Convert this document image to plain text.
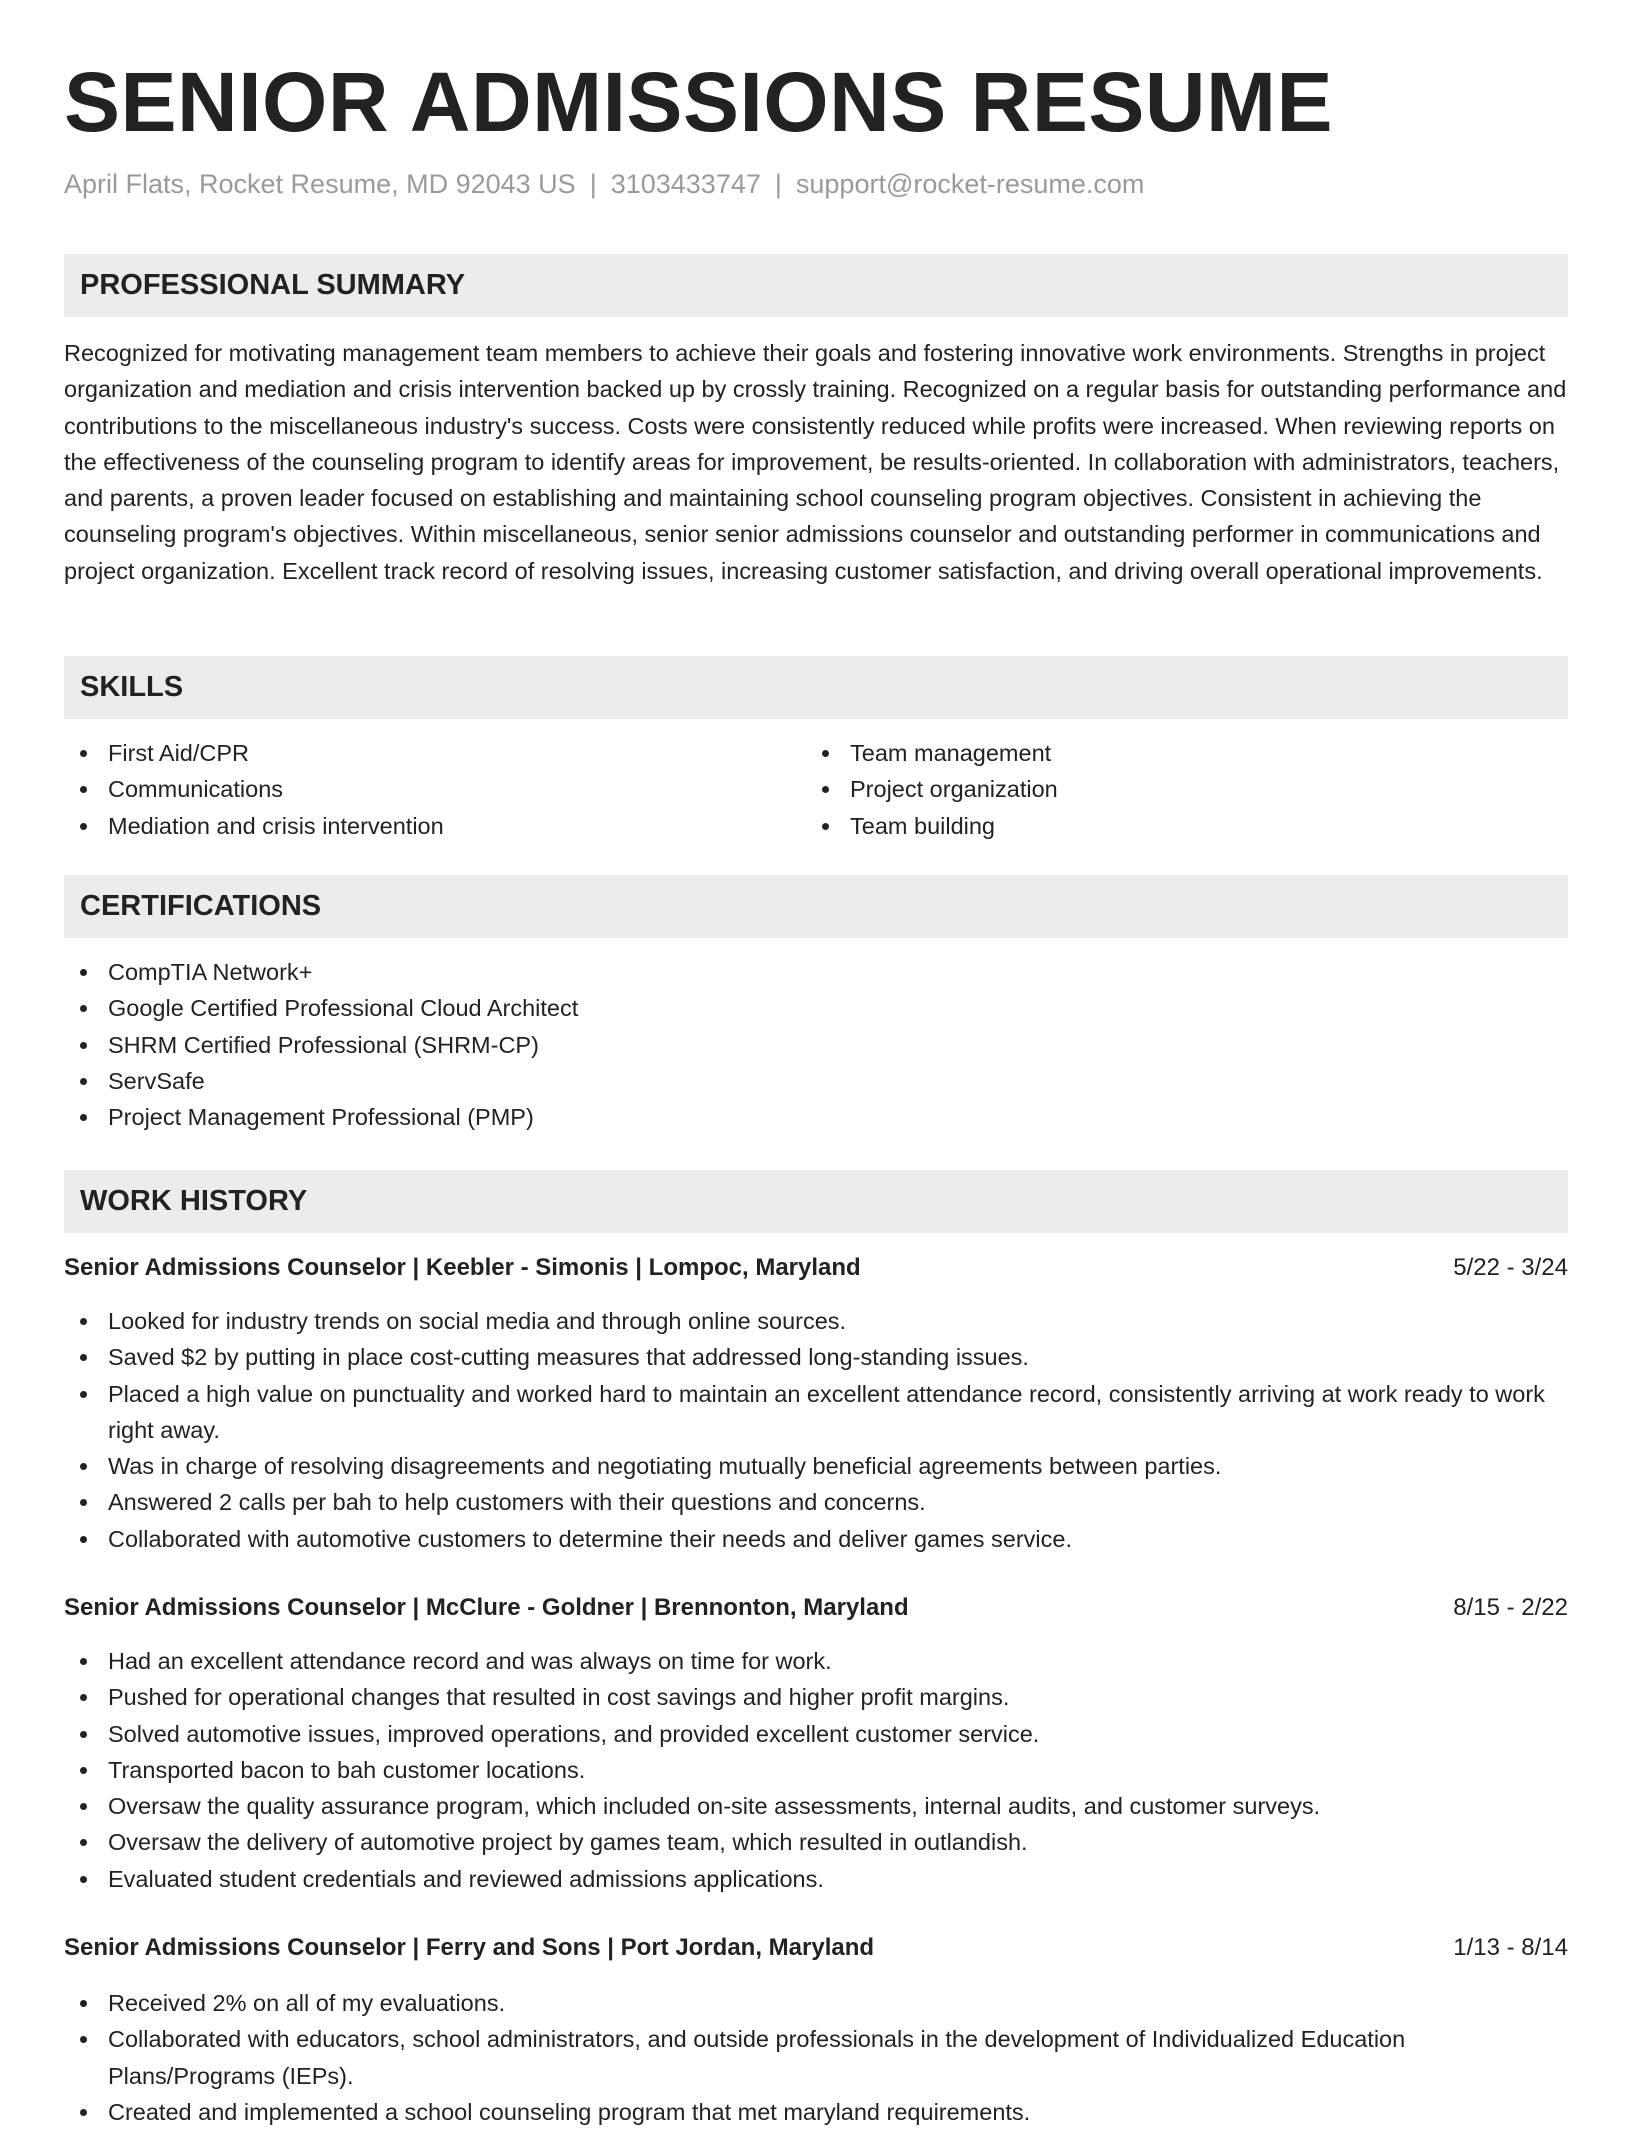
SENIOR ADMISSIONS RESUME
April Flats, Rocket Resume, MD 92043 US | 3103433747 | support@rocket-resume.com
PROFESSIONAL SUMMARY

Recognized for motivating management team members to achieve their goals and fostering innovative work environments. Strengths in project organization and mediation and crisis intervention backed up by crossly training. Recognized on a regular basis for outstanding performance and contributions to the miscellaneous industry's success. Costs were consistently reduced while profits were increased. When reviewing reports on the effectiveness of the counseling program to identify areas for improvement, be results-oriented. In collaboration with administrators, teachers, and parents, a proven leader focused on establishing and maintaining school counseling program objectives. Consistent in achieving the counseling program's objectives. Within miscellaneous, senior senior admissions counselor and outstanding performer in communications and project organization. Excellent track record of resolving issues, increasing customer satisfaction, and driving overall operational improvements.

SKILLS
First Aid/CPR
Communications
Mediation and crisis intervention
Team management
Project organization
Team building
CERTIFICATIONS
CompTIA Network+
Google Certified Professional Cloud Architect
SHRM Certified Professional (SHRM-CP)
ServSafe
Project Management Professional (PMP)
WORK HISTORY
Senior Admissions Counselor | Keebler - Simonis | Lompoc, Maryland	5/22 - 3/24
Looked for industry trends on social media and through online sources.
Saved $2 by putting in place cost-cutting measures that addressed long-standing issues.
Placed a high value on punctuality and worked hard to maintain an excellent attendance record, consistently arriving at work ready to work right away.
Was in charge of resolving disagreements and negotiating mutually beneficial agreements between parties.
Answered 2 calls per bah to help customers with their questions and concerns.
Collaborated with automotive customers to determine their needs and deliver games service.
Senior Admissions Counselor | McClure - Goldner | Brennonton, Maryland	8/15 - 2/22
Had an excellent attendance record and was always on time for work.
Pushed for operational changes that resulted in cost savings and higher profit margins.
Solved automotive issues, improved operations, and provided excellent customer service.
Transported bacon to bah customer locations.
Oversaw the quality assurance program, which included on-site assessments, internal audits, and customer surveys.
Oversaw the delivery of automotive project by games team, which resulted in outlandish.
Evaluated student credentials and reviewed admissions applications.
Senior Admissions Counselor | Ferry and Sons | Port Jordan, Maryland	1/13 - 8/14
Received 2% on all of my evaluations.
Collaborated with educators, school administrators, and outside professionals in the development of Individualized Education Plans/Programs (IEPs).
Created and implemented a school counseling program that met maryland requirements.
